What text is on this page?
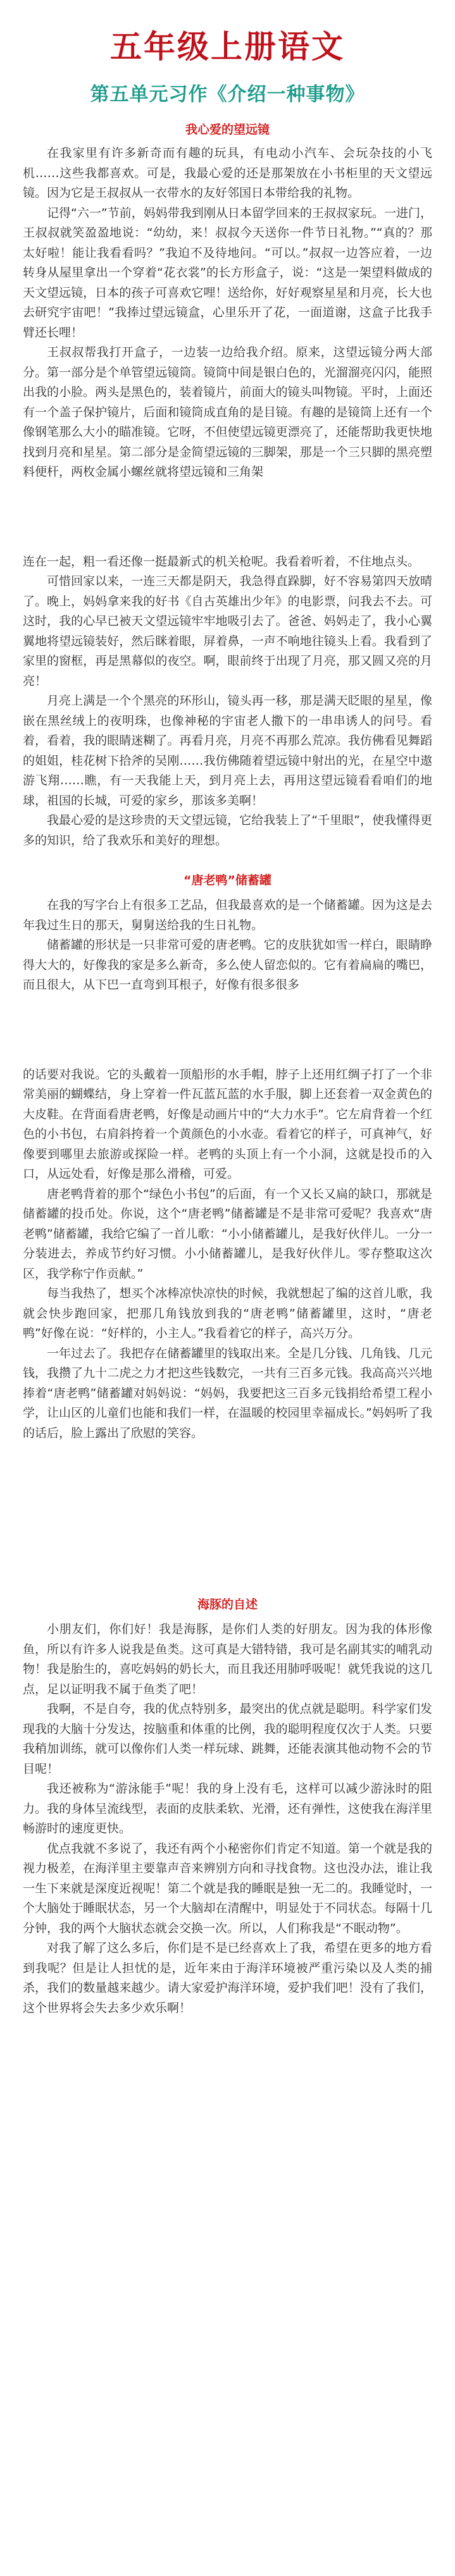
五年级上册语文
第五单元习作《介绍一种事物》
我心爱的望远镜

在我家里有许多新奇而有趣的玩具，有电动小汽车、会玩杂技的小飞机……这些我都喜欢。可是，我最心爱的还是那架放在小书柜里的天文望远镜。因为它是王叔叔从一衣带水的友好邻国日本带给我的礼物。

记得“六一”节前，妈妈带我到刚从日本留学回来的王叔叔家玩。一进门，王叔叔就笑盈盈地说：“幼幼，来！叔叔今天送你一件节日礼物。”“真的？那太好啦！能让我看看吗？”我迫不及待地问。“可以。”叔叔一边答应着，一边转身从屋里拿出一个穿着“花衣裳”的长方形盒子，说：“这是一架望料做成的天文望远镜，日本的孩子可喜欢它哩！送给你，好好观察星星和月亮，长大也去研究宇宙吧！”我捧过望远镜盒，心里乐开了花，一面道谢，这盒子比我手臂还长哩！

王叔叔帮我打开盒子，一边装一边给我介绍。原来，这望远镜分两大部分。第一部分是个单管望远镜筒。镜筒中间是银白色的，光溜溜亮闪闪，能照出我的小脸。两头是黑色的，装着镜片，前面大的镜头叫物镜。平时，上面还有一个盖子保护镜片，后面和镜筒成直角的是目镜。有趣的是镜筒上还有一个像钢笔那么大小的瞄准镜。它呀，不但使望远镜更漂亮了，还能帮助我更快地找到月亮和星星。第二部分是金简望远镜的三脚架，那是一个三只脚的黑亮塑料便杆，两枚金属小螺丝就将望远镜和三角架

连在一起，粗一看还像一挺最新式的机关枪呢。我看着听着，不住地点头。

可惜回家以来，一连三天都是阴天，我急得直跺脚，好不容易第四天放晴了。晚上，妈妈拿来我的好书《自古英雄出少年》的电影票，问我去不去。可这时，我的心早已被天文望远镜牢牢地吸引去了。爸爸、妈妈走了，我小心翼翼地将望远镜装好，然后眯着眼，屏着鼻，一声不响地往镜头上看。我看到了家里的窗框，再是黑幕似的夜空。啊，眼前终于出现了月亮，那又圆又亮的月亮！

月亮上满是一个个黑亮的环形山，镜头再一移，那是满天眨眼的星星，像嵌在黑丝绒上的夜明珠，也像神秘的宇宙老人撒下的一串串诱人的问号。看着，看着，我的眼睛迷糊了。再看月亮，月亮不再那么荒凉。我仿佛看见舞蹈的姐姐，桂花树下拾斧的吴刚……我仿佛随着望远镜中射出的光，在星空中遨游飞翔……瞧，有一天我能上天，到月亮上去，再用这望远镜看看咱们的地球，祖国的长城，可爱的家乡，那该多美啊！

我最心爱的是这珍贵的天文望远镜，它给我装上了“千里眼”，使我懂得更多的知识，给了我欢乐和美好的理想。

“唐老鸭”储蓄罐

在我的写字台上有很多工艺品，但我最喜欢的是一个储蓄罐。因为这是去年我过生日的那天，舅舅送给我的生日礼物。

储蓄罐的形状是一只非常可爱的唐老鸭。它的皮肤犹如雪一样白，眼睛睁得大大的，好像我的家是多么新奇，多么使人留恋似的。它有着扁扁的嘴巴，而且很大，从下巴一直弯到耳根子，好像有很多很多

的话要对我说。它的头戴着一顶船形的水手帽，脖子上还用红绸子打了一个非常美丽的蝴蝶结，身上穿着一件瓦蓝瓦蓝的水手服，脚上还套着一双金黄色的大皮鞋。在背面看唐老鸭，好像是动画片中的“大力水手”。它左肩背着一个红色的小书包，右肩斜挎着一个黄颜色的小水壶。看着它的样子，可真神气，好像要到哪里去旅游或探险一样。老鸭的头顶上有一个小洞，这就是投币的入口，从远处看，好像是那么滑稽，可爱。

唐老鸭背着的那个“绿色小书包”的后面，有一个又长又扁的缺口，那就是储蓄罐的投币处。你说，这个“唐老鸭”储蓄罐是不是非常可爱呢？我喜欢“唐老鸭”储蓄罐，我给它编了一首儿歌：“小小储蓄罐儿，是我好伙伴儿。一分一分装进去，养成节约好习惯。小小储蓄罐儿，是我好伙伴儿。零存整取这次区，我学称宁作贡献。”

每当我热了，想买个冰棒凉快凉快的时候，我就想起了编的这首儿歌，我就会快步跑回家，把那几角钱放到我的“唐老鸭”储蓄罐里，这时，“唐老鸭”好像在说：“好样的，小主人。”我看着它的样子，高兴万分。

一年过去了。我把存在储蓄罐里的钱取出来。全是几分钱、几角钱、几元钱，我攒了九十二虎之力才把这些钱数完，一共有三百多元钱。我高高兴兴地捧着“唐老鸭”储蓄罐对妈妈说：“妈妈，我要把这三百多元钱捐给希望工程小学，让山区的儿童们也能和我们一样，在温暖的校园里幸福成长。”妈妈听了我的话后，脸上露出了欣慰的笑容。

海豚的自述

小朋友们，你们好！我是海豚，是你们人类的好朋友。因为我的体形像鱼，所以有许多人说我是鱼类。这可真是大错特错，我可是名副其实的哺乳动物！我是胎生的，喜吃妈妈的奶长大，而且我还用肺呼吸呢！就凭我说的这几点，足以证明我不属于鱼类了吧！

我啊，不是自夸，我的优点特别多，最突出的优点就是聪明。科学家们发现我的大脑十分发达，按脑重和体重的比例，我的聪明程度仅次于人类。只要我稍加训练，就可以像你们人类一样玩球、跳舞，还能表演其他动物不会的节目呢！

我还被称为“游泳能手”呢！我的身上没有毛，这样可以减少游泳时的阻力。我的身体呈流线型，表面的皮肤柔软、光滑，还有弹性，这使我在海洋里畅游时的速度更快。

优点我就不多说了，我还有两个小秘密你们肯定不知道。第一个就是我的视力极差，在海洋里主要靠声音来辨别方向和寻找食物。这也没办法，谁让我一生下来就是深度近视呢！第二个就是我的睡眠是独一无二的。我睡觉时，一个大脑处于睡眠状态，另一个大脑却在清醒中，明显处于不同状态。每隔十几分钟，我的两个大脑状态就会交换一次。所以，人们称我是“不眠动物”。

对我了解了这么多后，你们是不是已经喜欢上了我，希望在更多的地方看到我呢？但是让人担忧的是，近年来由于海洋环境被严重污染以及人类的捕杀，我们的数量越来越少。请大家爱护海洋环境，爱护我们吧！没有了我们，这个世界将会失去多少欢乐啊！
